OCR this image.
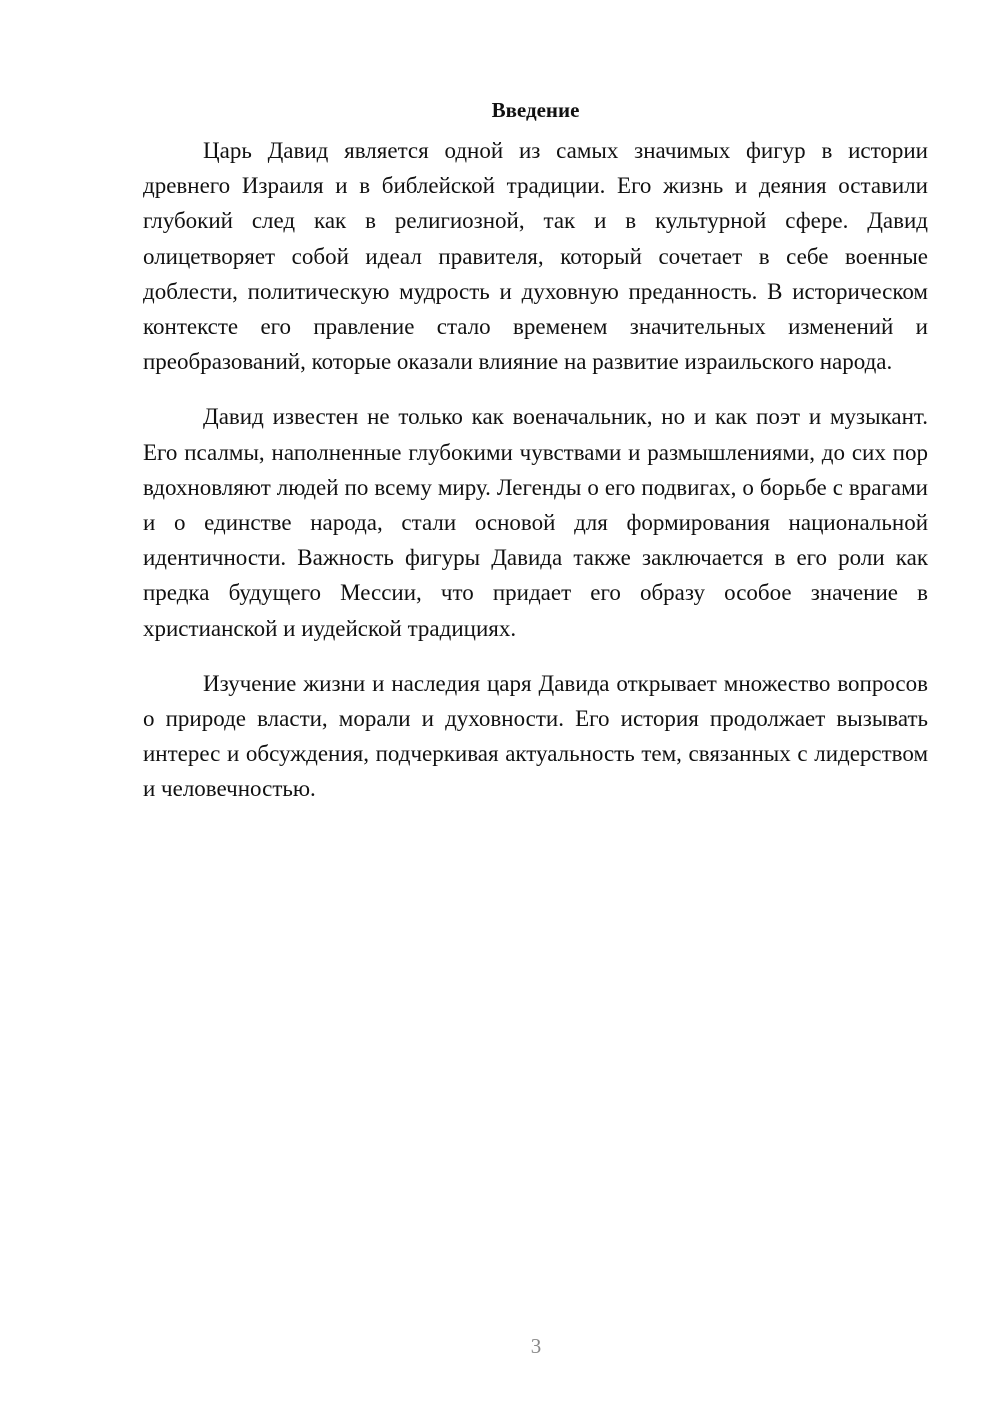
Введение

Царь Давид является одной из самых значимых фигур в истории древнего Израиля и в библейской традиции. Его жизнь и деяния оставили глубокий след как в религиозной, так и в культурной сфере. Давид олицетворяет собой идеал правителя, который сочетает в себе военные доблести, политическую мудрость и духовную преданность. В историческом контексте его правление стало временем значительных изменений и преобразований, которые оказали влияние на развитие израильского народа.

Давид известен не только как военачальник, но и как поэт и музыкант. Его псалмы, наполненные глубокими чувствами и размышлениями, до сих пор вдохновляют людей по всему миру. Легенды о его подвигах, о борьбе с врагами и о единстве народа, стали основой для формирования национальной идентичности. Важность фигуры Давида также заключается в его роли как предка будущего Мессии, что придает его образу особое значение в христианской и иудейской традициях.

Изучение жизни и наследия царя Давида открывает множество вопросов о природе власти, морали и духовности. Его история продолжает вызывать интерес и обсуждения, подчеркивая актуальность тем, связанных с лидерством и человечностью.

3
